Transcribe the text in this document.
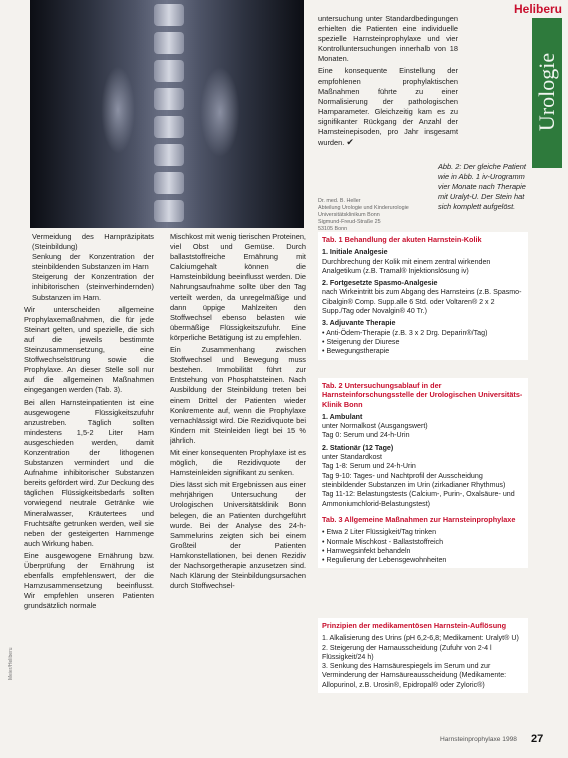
Heliberu
Urologie

untersuchung unter Standardbedingungen erhielten die Patienten eine individuelle spezielle Harnsteinprophylaxe und vier Kontrolluntersuchungen innerhalb von 18 Monaten.

Eine konsequente Einstellung der empfohlenen prophylaktischen Maßnahmen führte zu einer Normalisierung der pathologischen Harnparameter. Gleichzeitig kam es zu signifikanter Rückgang der Anzahl der Harnsteinepisoden, pro Jahr insgesamt wurden. ✔

Abb. 2: Der gleiche Patient wie in Abb. 1 iv-Urogramm vier Monate nach Therapie mit Uralyt-U. Der Stein hat sich komplett aufgelöst.
Dr. med. B. Heller
Abteilung Urologie und Kinderurologie
Universitätsklinikum Bonn
Sigmund-Freud-Straße 25
53105 Bonn
• Vermeidung des Harnpräzipitats (Steinbildung)
• Senkung der Konzentration der steinbildenden Substanzen im Harn
• Steigerung der Konzentration der inhibitorischen (steinverhindernden) Substanzen im Harn.

Wir unterscheiden allgemeine Prophylaxemaßnahmen, die für jede Steinart gelten, und spezielle, die sich auf die jeweils bestimmte Steinzusammensetzung, eine Stoffwechselstörung sowie die Prophylaxe. An dieser Stelle soll nur auf die allgemeinen Maßnahmen eingegangen werden (Tab. 3).

Bei allen Harnsteinpatienten ist eine ausgewogene Flüssigkeitszufuhr anzustreben. Täglich sollten mindestens 1,5-2 Liter Harn ausgeschieden werden, damit Konzentration der lithogenen Substanzen vermindert und die Aufnahme inhibitorischer Substanzen bereits gefördert wird. Zur Deckung des täglichen Flüssigkeitsbedarfs sollten vorwiegend neutrale Getränke wie Mineralwasser, Kräutertees und Fruchtsäfte getrunken werden, weil sie neben der gesteigerten Harnmenge auch Wirkung haben.

Eine ausgewogene Ernährung bzw. Überprüfung der Ernährung ist ebenfalls empfehlenswert, der die Harnzusammensetzung beeinflusst. Wir empfehlen unseren Patienten grundsätzlich normale

Mischkost mit wenig tierischen Proteinen, viel Obst und Gemüse. Durch ballaststoffreiche Ernährung mit Calciumgehalt können die Harnsteinbildung beeinflusst werden. Die Nahrungsaufnahme sollte über den Tag verteilt werden, da unregelmäßige und dann üppige Mahlzeiten den Stoffwechsel ebenso belasten wie übermäßige Flüssigkeitszufuhr. Eine körperliche Betätigung ist zu empfehlen.

Ein Zusammenhang zwischen Stoffwechsel und Bewegung muss bestehen. Immobilität führt zur Entstehung von Phosphatsteinen. Nach Ausbildung der Steinbildung treten bei einem Drittel der Patienten wieder Konkremente auf, wenn die Prophylaxe vernachlässigt wird. Die Rezidivquote bei Kindern mit Steinleiden liegt bei 15 % jährlich.

Mit einer konsequenten Prophylaxe ist es möglich, die Rezidivquote der Harnsteinleiden signifikant zu senken.

Dies lässt sich mit Ergebnissen aus einer mehrjährigen Untersuchung der Urologischen Universitätsklinik Bonn belegen, die an Patienten durchgeführt wurde. Bei der Analyse des 24-h-Sammelurins zeigten sich bei einem Großteil der Patienten Harnkonstellationen, bei denen Rezidiv der Nachsorgetherapie anzusetzen sind. Nach Klärung der Steinbildungsursachen durch Stoffwechsel-

Tab. 1 Behandlung der akuten Harnstein-Kolik
1. Initiale Analgesie
Durchbrechung der Kolik mit einem zentral wirkenden Analgetikum (z.B. Tramal® Injektionslösung iv)
2. Fortgesetzte Spasmo-Analgesie
nach Wirkeintritt bis zum Abgang des Harnsteins (z.B. Spasmo-Cibalgin® Comp. Supp.alle 6 Std. oder Voltaren® 2 x 2 Supp./Tag oder Novalgin® 40 Tr.)
3. Adjuvante Therapie
• Anti-Ödem-Therapie (z.B. 3 x 2 Drg. Deparin®/Tag)
• Steigerung der Diurese
• Bewegungstherapie
Tab. 2 Untersuchungsablauf in der Harnsteinforschungsstelle der Urologischen Universitäts-Klinik Bonn
1. Ambulant
unter Normalkost (Ausgangswert)
Tag 0: Serum und 24-h-Urin
2. Stationär (12 Tage)
unter Standardkost
Tag 1-8: Serum und 24-h-Urin
Tag 9-10: Tages- und Nachtprofil der Ausscheidung steinbildender Substanzen im Urin (zirkadianer Rhythmus)
Tag 11-12: Belastungstests (Calcium-, Purin-, Oxalsäure- und Ammoniumchlorid-Belastungstest)
Tab. 3 Allgemeine Maßnahmen zur Harnsteinprophylaxe
• Etwa 2 Liter Flüssigkeit/Tag trinken
• Normale Mischkost - Ballaststoffreich
• Harnwegsinfekt behandeln
• Regulierung der Lebensgewohnheiten
Prinzipien der medikamentösen Harnstein-Auflösung
1. Alkalisierung des Urins (pH 6,2-6,8; Medikament: Uralyt® U)
2. Steigerung der Harnausscheidung (Zufuhr von 2-4 l Flüssigkeit/24 h)
3. Senkung des Harnsäurespiegels im Serum und zur Verminderung der Harnsäureausscheidung (Medikamente: Allopurinol, z.B. Urosin®, Epidropal® oder Zyloric®)
Harnsteinprophylaxe 1998 27
Meier/Heliberu
